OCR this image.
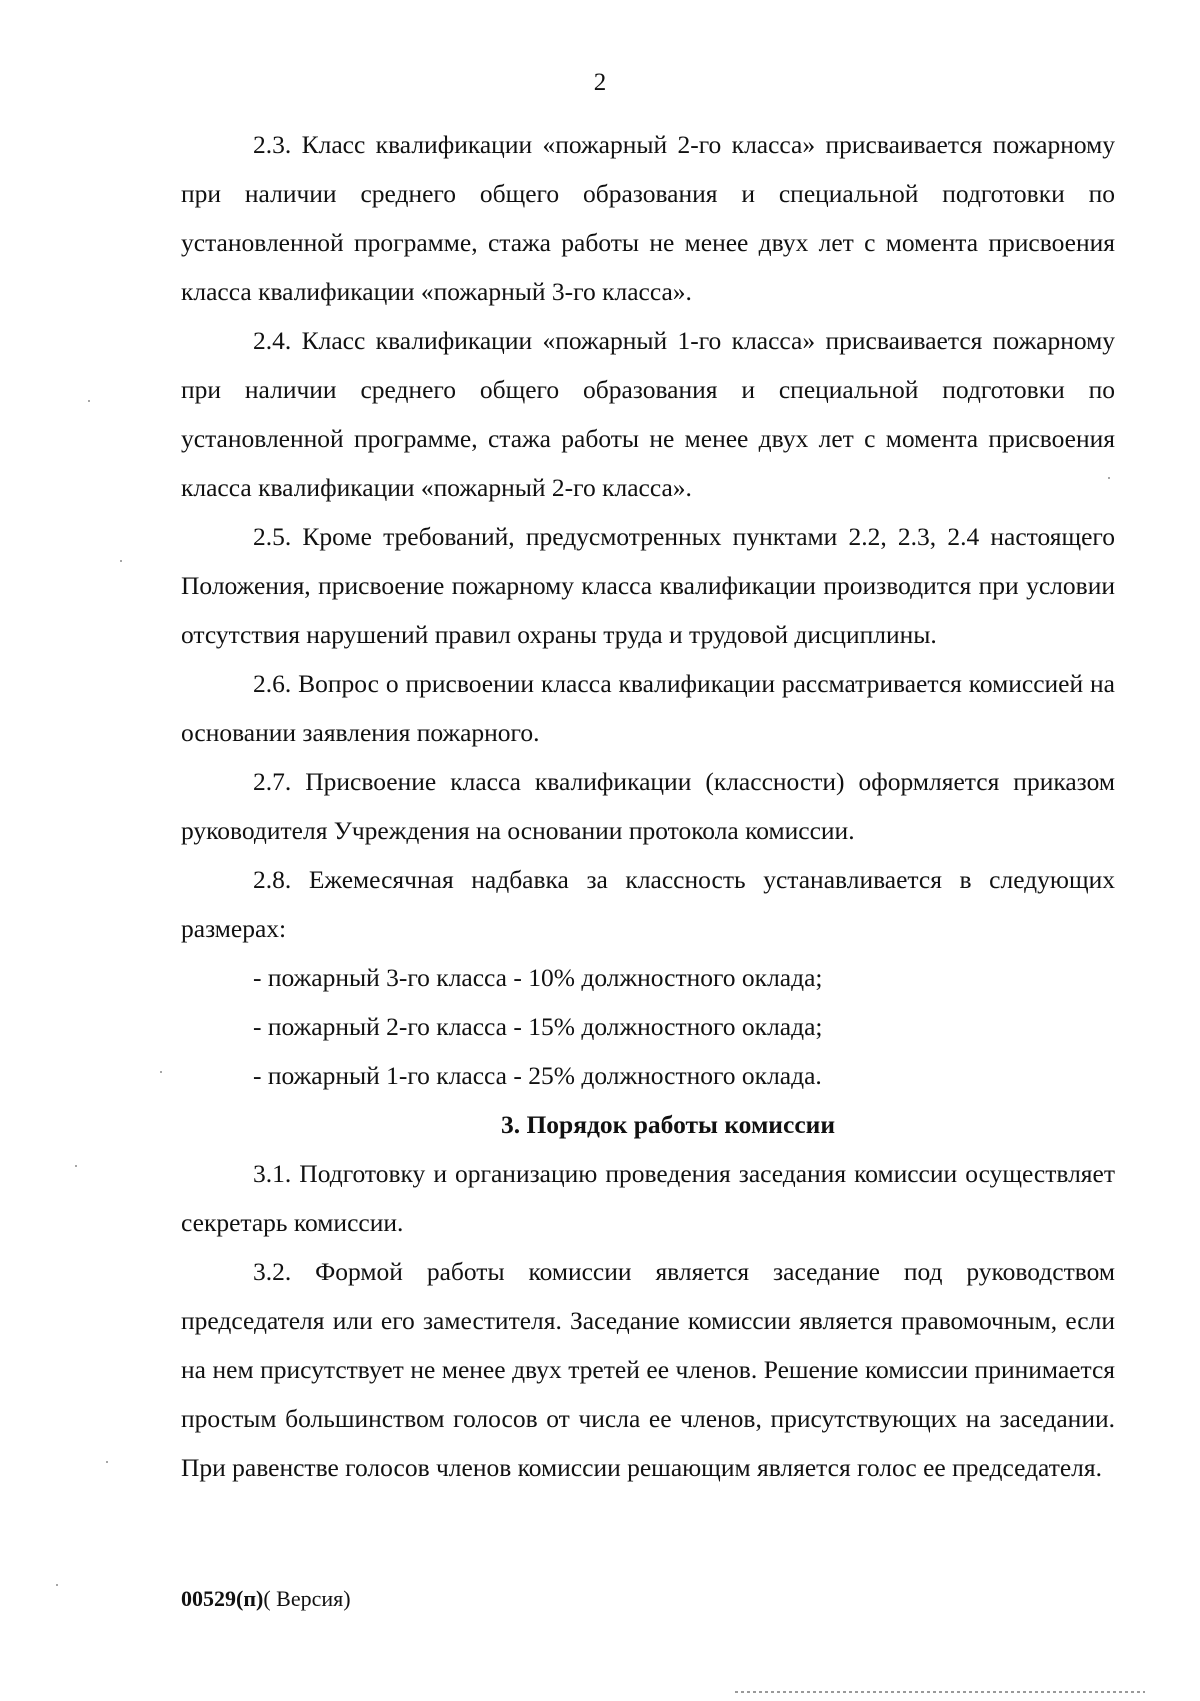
2

2.3. Класс квалификации «пожарный 2-го класса» присваивается пожарному при наличии среднего общего образования и специальной подготовки по установленной программе, стажа работы не менее двух лет с момента присвоения класса квалификации «пожарный 3-го класса».

2.4. Класс квалификации «пожарный 1-го класса» присваивается пожарному при наличии среднего общего образования и специальной подготовки по установленной программе, стажа работы не менее двух лет с момента присвоения класса квалификации «пожарный 2-го класса».

2.5. Кроме требований, предусмотренных пунктами 2.2, 2.3, 2.4 настоящего Положения, присвоение пожарному класса квалификации производится при условии отсутствия нарушений правил охраны труда и трудовой дисциплины.

2.6. Вопрос о присвоении класса квалификации рассматривается комиссией на основании заявления пожарного.

2.7. Присвоение класса квалификации (классности) оформляется приказом руководителя Учреждения на основании протокола комиссии.

2.8. Ежемесячная надбавка за классность устанавливается в следующих размерах:

- пожарный 3-го класса - 10% должностного оклада;

- пожарный 2-го класса - 15% должностного оклада;

- пожарный 1-го класса - 25% должностного оклада.

3. Порядок работы комиссии

3.1. Подготовку и организацию проведения заседания комиссии осуществляет секретарь комиссии.

3.2. Формой работы комиссии является заседание под руководством председателя или его заместителя. Заседание комиссии является правомочным, если на нем присутствует не менее двух третей ее членов. Решение комиссии принимается простым большинством голосов от числа ее членов, присутствующих на заседании. При равенстве голосов членов комиссии решающим является голос ее председателя.

00529(п)( Версия)
